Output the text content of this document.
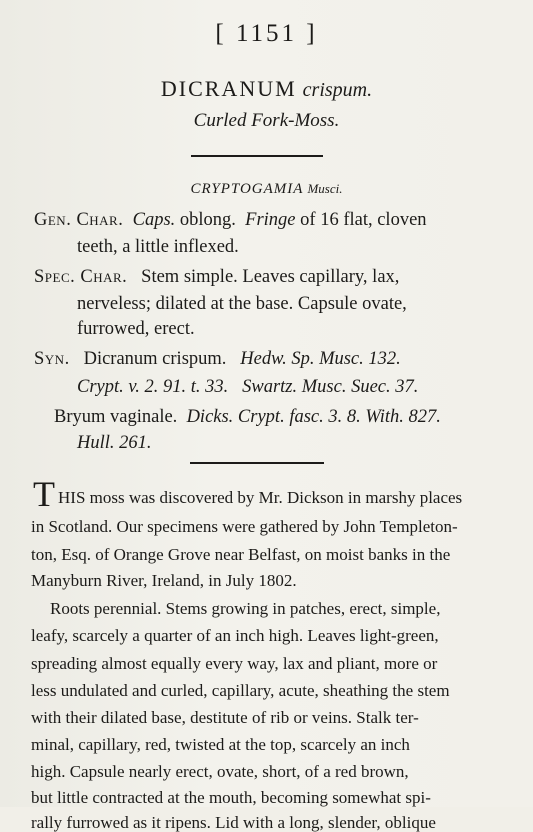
[ 1151 ]
DICRANUM crispum.
Curled Fork-Moss.
CRYPTOGAMIA Musci.
Gen. Char. Caps. oblong. Fringe of 16 flat, cloven
teeth, a little inflexed.
Spec. Char. Stem simple. Leaves capillary, lax,
nerveless; dilated at the base. Capsule ovate,
furrowed, erect.
Syn. Dicranum crispum. Hedw. Sp. Musc. 132.
Crypt. v. 2. 91. t. 33. Swartz. Musc. Suec. 37.
Bryum vaginale. Dicks. Crypt. fasc. 3. 8. With. 827.
Hull. 261.
T HIS moss was discovered by Mr. Dickson in marshy places
in Scotland. Our specimens were gathered by John Templeton-
ton, Esq. of Orange Grove near Belfast, on moist banks in the
Manyburn River, Ireland, in July 1802.
Roots perennial. Stems growing in patches, erect, simple,
leafy, scarcely a quarter of an inch high. Leaves light-green,
spreading almost equally every way, lax and pliant, more or
less undulated and curled, capillary, acute, sheathing the stem
with their dilated base, destitute of rib or veins. Stalk ter-
minal, capillary, red, twisted at the top, scarcely an inch
high. Capsule nearly erect, ovate, short, of a red brown,
but little contracted at the mouth, becoming somewhat spi-
rally furrowed as it ripens. Lid with a long, slender, oblique
